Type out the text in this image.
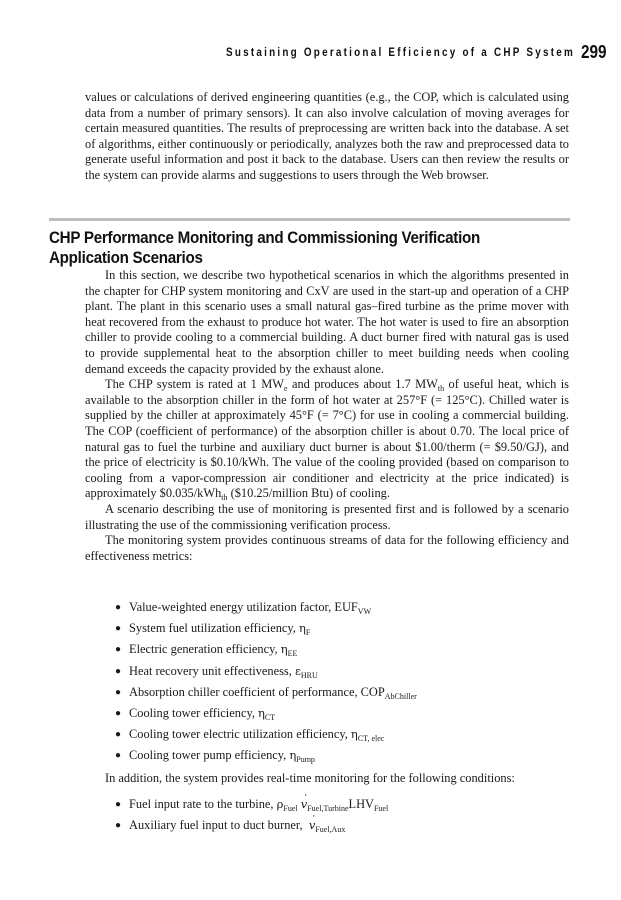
Sustaining Operational Efficiency of a CHP System 299

values or calculations of derived engineering quantities (e.g., the COP, which is calculated using data from a number of primary sensors). It can also involve calculation of moving averages for certain measured quantities. The results of preprocessing are written back into the database. A set of algorithms, either continuously or periodically, analyzes both the raw and preprocessed data to generate useful information and post it back to the database. Users can then review the results or the system can provide alarms and suggestions to users through the Web browser.

CHP Performance Monitoring and Commissioning Verification
Application Scenarios

In this section, we describe two hypothetical scenarios in which the algorithms presented in the chapter for CHP system monitoring and CxV are used in the start-up and operation of a CHP plant. The plant in this scenario uses a small natural gas–fired turbine as the prime mover with heat recovered from the exhaust to produce hot water. The hot water is used to fire an absorption chiller to provide cooling to a commercial building. A duct burner fired with natural gas is used to provide supplemental heat to the absorption chiller to meet building needs when cooling demand exceeds the capacity provided by the exhaust alone.

The CHP system is rated at 1 $MW_e$ and produces about 1.7 $MW_{th}$ of useful heat, which is available to the absorption chiller in the form of hot water at 257°F (= 125°C). Chilled water is supplied by the chiller at approximately 45°F (= 7°C) for use in cooling a commercial building. The COP (coefficient of performance) of the absorption chiller is about 0.70. The local price of natural gas to fuel the turbine and auxiliary duct burner is about $1.00/therm (= $9.50/GJ), and the price of electricity is $0.10/kWh. The value of the cooling provided (based on comparison to cooling from a vapor-compression air conditioner and electricity at the price indicated) is approximately $0.035/kWh$_{th}$ ($10.25/million Btu) of cooling.

A scenario describing the use of monitoring is presented first and is followed by a scenario illustrating the use of the commissioning verification process.

The monitoring system provides continuous streams of data for the following efficiency and effectiveness metrics:

● Value-weighted energy utilization factor, $EUF_{VW}$
● System fuel utilization efficiency, $\eta_F$
● Electric generation efficiency, $\eta_{EE}$
● Heat recovery unit effectiveness, $\varepsilon_{HRU}$
● Absorption chiller coefficient of performance, $COP_{AbChiller}$
● Cooling tower efficiency, $\eta_{CT}$
● Cooling tower electric utilization efficiency, $\eta_{CT, elec}$
● Cooling tower pump efficiency, $\eta_{Pump}$

In addition, the system provides real-time monitoring for the following conditions:

● Fuel input rate to the turbine, $\rho_{Fuel}$ ˙ $v_{Fuel,Turbine}LHV_{Fuel}$
● Auxiliary fuel input to duct burner,  ˙ $v_{Fuel,Aux}$
